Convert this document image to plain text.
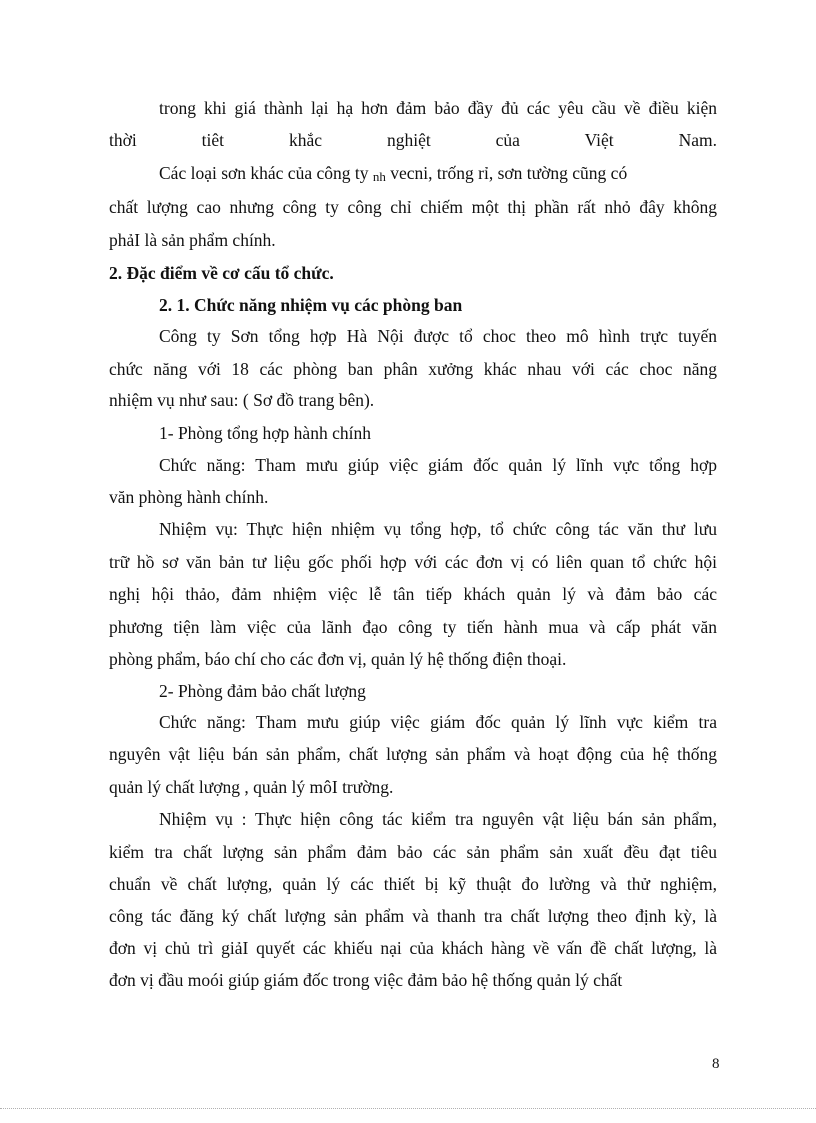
trong khi giá thành lại hạ hơn đảm bảo đầy đủ các yêu cầu về điều kiện
thời tiêt khắc nghiệt của Việt Nam.
Các loại sơn khác của công ty nh vecni, trống rỉ, sơn tường cũng có
chất lượng cao nhưng công ty công chỉ chiếm một thị phần rất nhỏ đây không
phảI là sản phẩm chính.
2. Đặc điểm về cơ cấu tổ chức.
2. 1. Chức năng nhiệm vụ các phòng ban
Công ty Sơn tổng hợp Hà Nội được tổ choc theo mô hình trực tuyến
chức năng với 18 các phòng ban phân xưởng khác nhau với các choc năng
nhiệm vụ như sau: ( Sơ đồ trang bên).
1- Phòng tổng hợp hành chính
Chức năng: Tham mưu giúp việc giám đốc quản lý lĩnh vực tổng hợp
văn phòng hành chính.
Nhiệm vụ: Thực hiện nhiệm vụ tổng hợp, tổ chức công tác văn thư lưu
trữ hồ sơ văn bản tư liệu gốc phối hợp với các đơn vị có liên quan tổ chức hội
nghị hội thảo, đảm nhiệm việc lễ tân tiếp khách quản lý và đảm bảo các
phương tiện làm việc của lãnh đạo công ty tiến hành mua và cấp phát văn
phòng phẩm, báo chí cho các đơn vị, quản lý hệ thống điện thoại.
2- Phòng đảm bảo chất lượng
Chức năng: Tham mưu giúp việc giám đốc quản lý lĩnh vực kiểm tra
nguyên vật liệu bán sản phẩm, chất lượng sản phẩm và hoạt động của hệ thống
quản lý chất lượng , quản lý môI trường.
Nhiệm vụ : Thực hiện công tác kiểm tra nguyên vật liệu bán sản phẩm,
kiểm tra chất lượng sản phẩm đảm bảo các sản phẩm sản xuất đều đạt tiêu
chuẩn về chất lượng, quản lý các thiết bị kỹ thuật đo lường và thử nghiệm,
công tác đăng ký chất lượng sản phẩm và thanh tra chất lượng theo định kỳ, là
đơn vị chủ trì giảI quyết các khiếu nại của khách hàng về vấn đề chất lượng, là
đơn vị đầu moói giúp giám đốc trong việc đảm bảo hệ thống quản lý chất
8
